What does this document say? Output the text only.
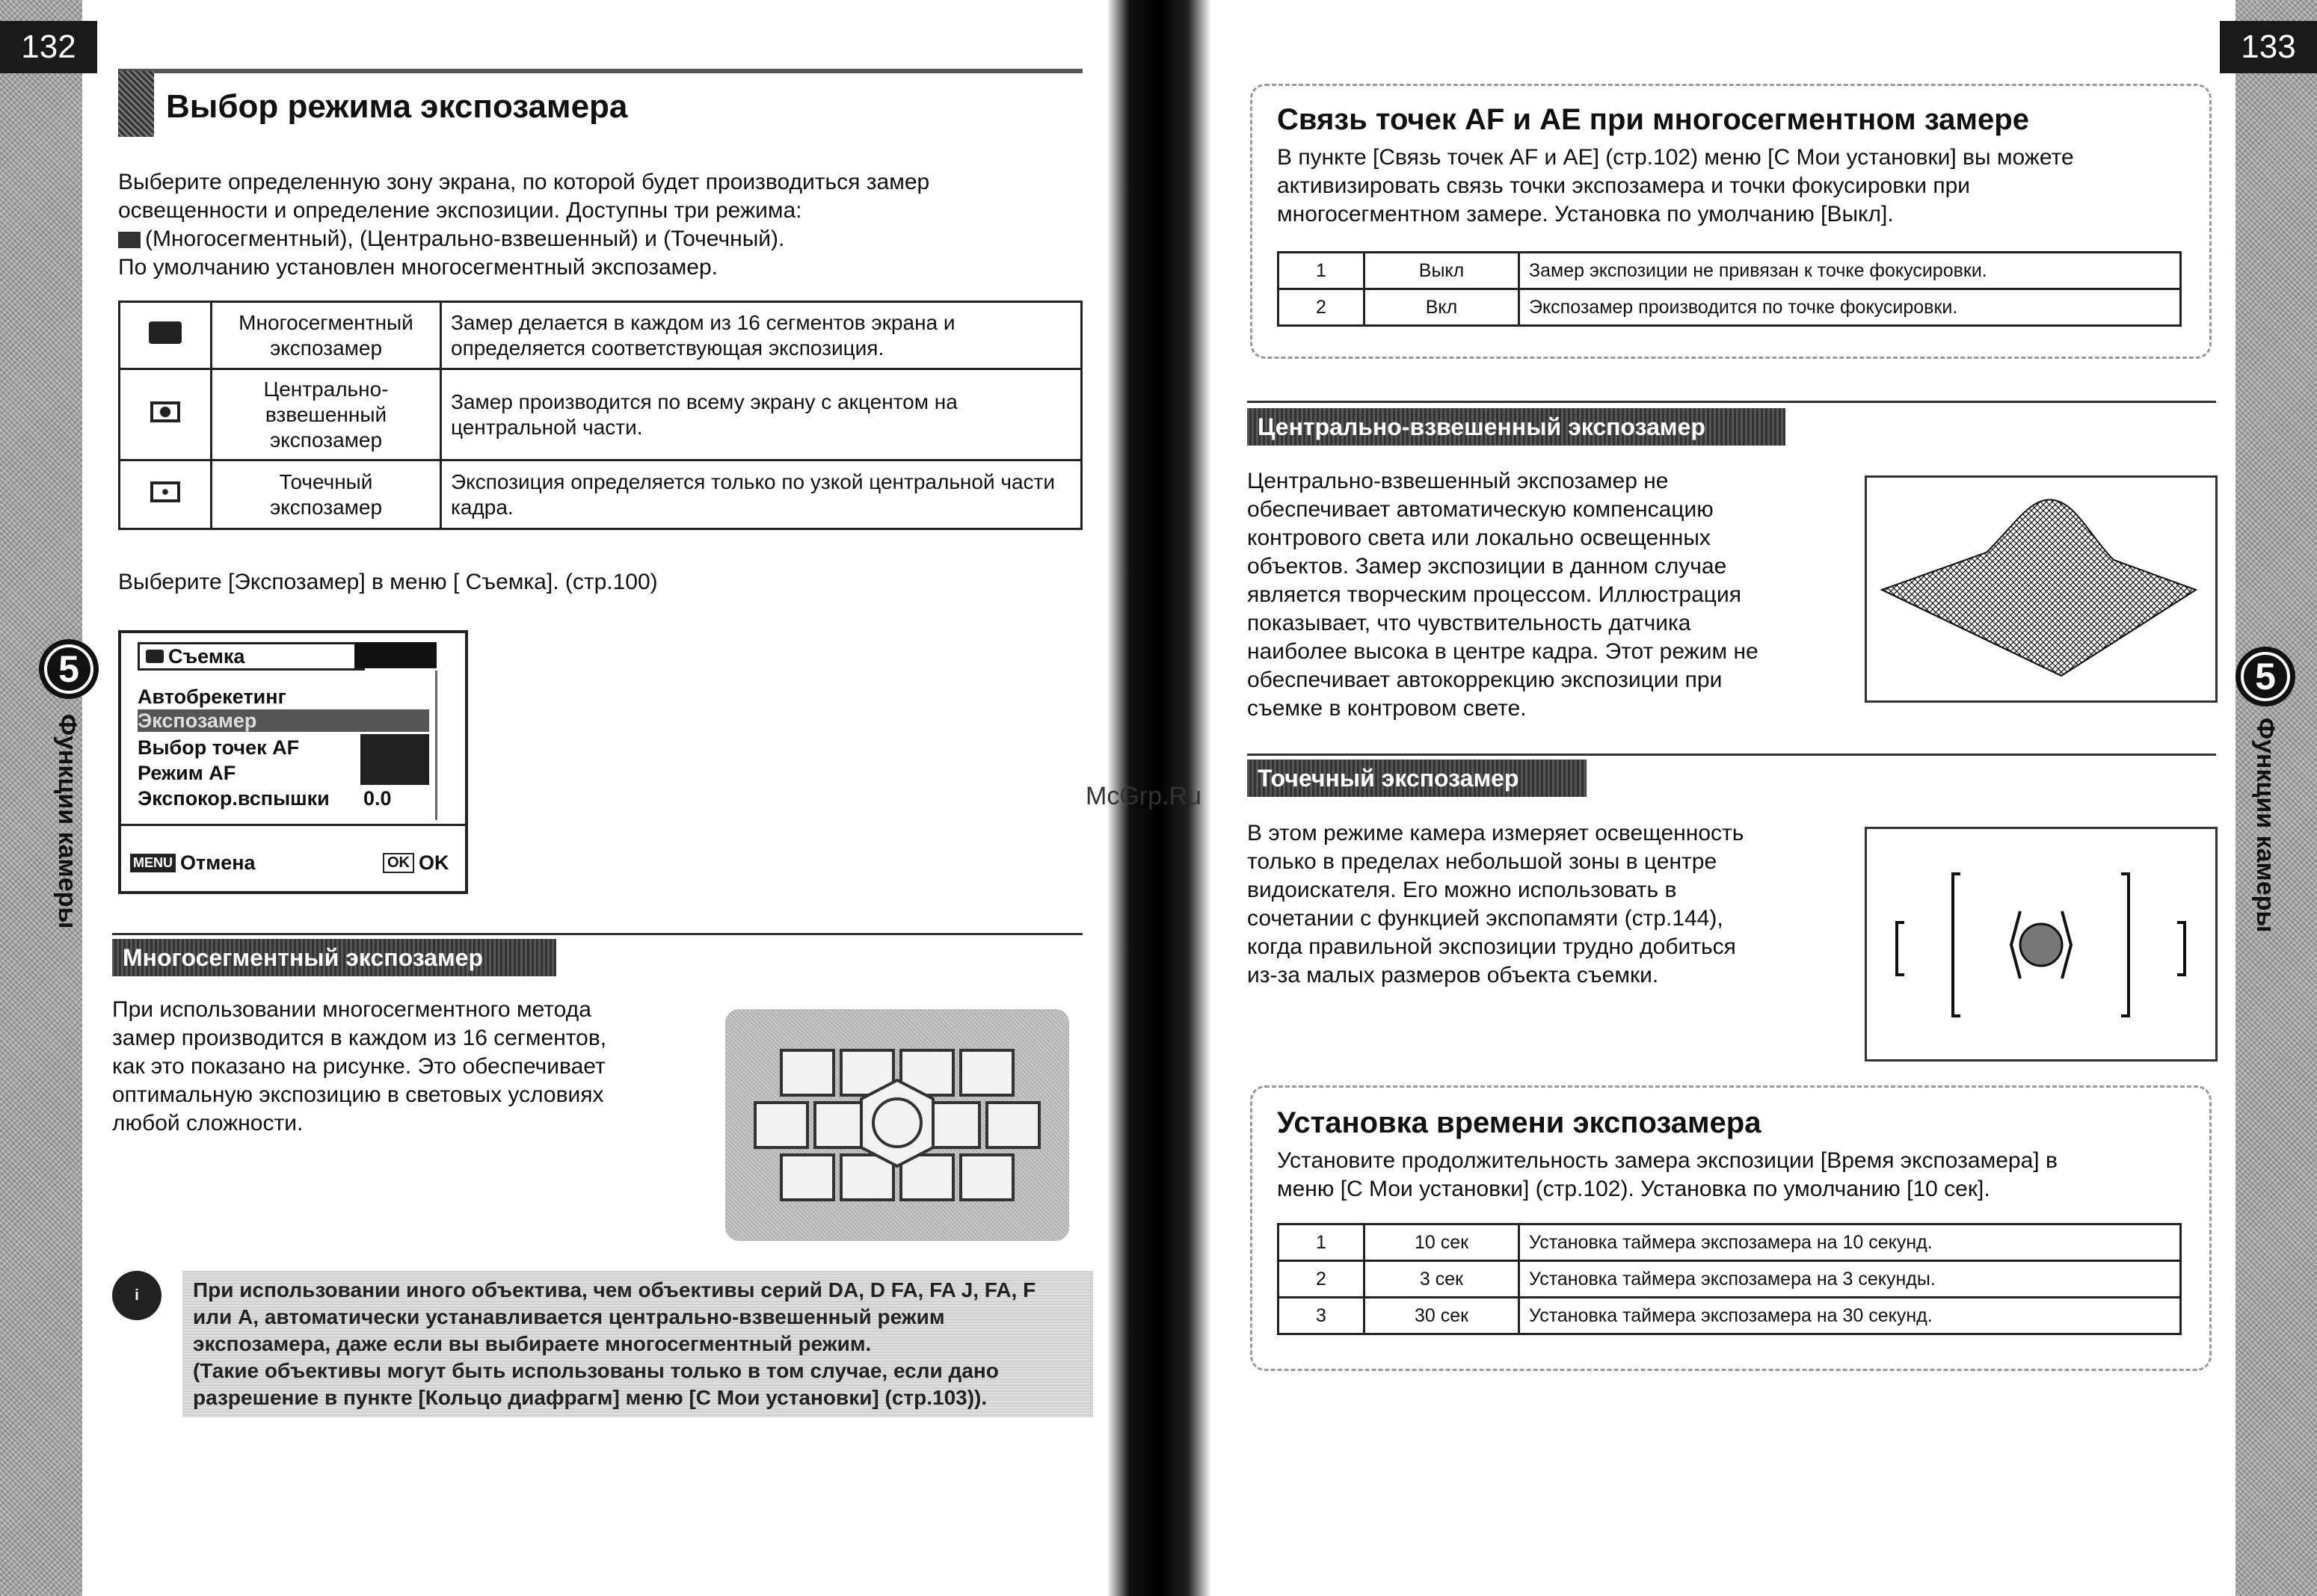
132	133
5
Функции камеры
5
Функции камеры
Выбор режима экспозамера
Выберите определенную зону экрана, по которой будет производиться замер
освещенности и определение экспозиции. Доступны три режима:
(Многосегментный), (Центрально-взвешенный) и (Точечный).
По умолчанию установлен многосегментный экспозамер.
	Многосегментный экспозамер	Замер делается в каждом из 16 сегментов экрана и определяется соответствующая экспозиция.
	Центрально-взвешенный экспозамер	Замер производится по всему экрану с акцентом на центральной части.
	Точечный экспозамер	Экспозиция определяется только по узкой центральной части кадра.
Выберите [Экспозамер] в меню [ Съемка]. (стр.100)
Съемка
Автобрекетинг
Экспозамер
Выбор точек AF
Режим AF
Экспокор.вспышки 0.0
MENU Отмена	OK OK
Многосегментный экспозамер
При использовании многосегментного метода
замер производится в каждом из 16 сегментов,
как это показано на рисунке. Это обеспечивает
оптимальную экспозицию в световых условиях
любой сложности.
i	При использовании иного объектива, чем объективы серий DA, D FA, FA J, FA, F
или A, автоматически устанавливается центрально-взвешенный режим
экспозамера, даже если вы выбираете многосегментный режим.
(Такие объективы могут быть использованы только в том случае, если дано
разрешение в пункте [Кольцо диафрагм] меню [C Мои установки] (стр.103)).
Связь точек AF и AE при многосегментном замере
В пункте [Связь точек AF и AE] (стр.102) меню [C Мои установки] вы можете
активизировать связь точки экспозамера и точки фокусировки при
многосегментном замере. Установка по умолчанию [Выкл].
1	Выкл	Замер экспозиции не привязан к точке фокусировки.
2	Вкл	Экспозамер производится по точке фокусировки.
Центрально-взвешенный экспозамер
Центрально-взвешенный экспозамер не
обеспечивает автоматическую компенсацию
контрового света или локально освещенных
объектов. Замер экспозиции в данном случае
является творческим процессом. Иллюстрация
показывает, что чувствительность датчика
наиболее высока в центре кадра. Этот режим не
обеспечивает автокоррекцию экспозиции при
съемке в контровом свете.
Точечный экспозамер
McGrp.Ru
В этом режиме камера измеряет освещенность
только в пределах небольшой зоны в центре
видоискателя. Его можно использовать в
сочетании с функцией экспопамяти (стр.144),
когда правильной экспозиции трудно добиться
из-за малых размеров объекта съемки.
Установка времени экспозамера
Установите продолжительность замера экспозиции [Время экспозамера] в
меню [C Мои установки] (стр.102). Установка по умолчанию [10 сек].
1	10 сек	Установка таймера экспозамера на 10 секунд.
2	3 сек	Установка таймера экспозамера на 3 секунды.
3	30 сек	Установка таймера экспозамера на 30 секунд.
